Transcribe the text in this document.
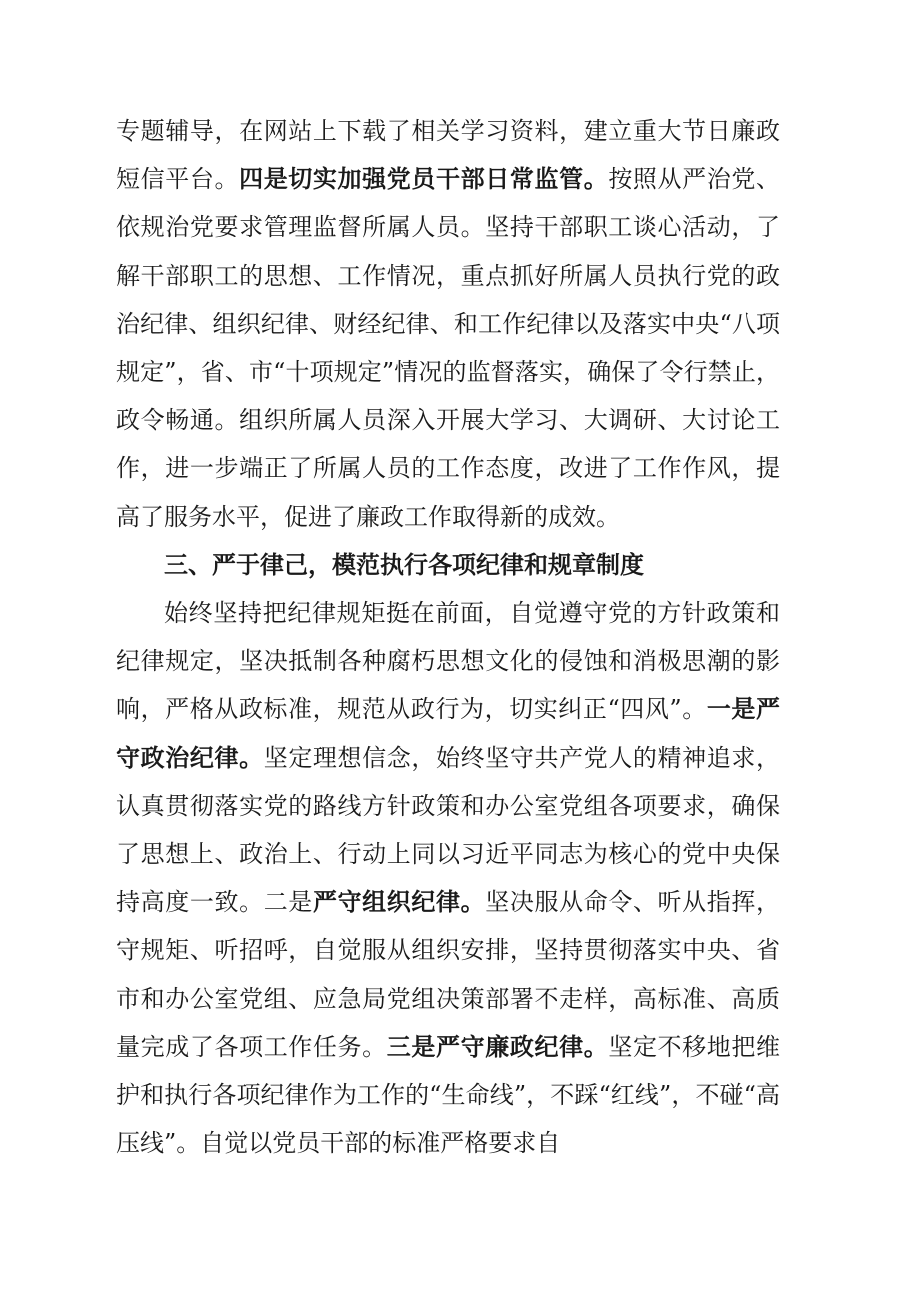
专题辅导，在网站上下载了相关学习资料，建立重大节日廉政短信平台。四是切实加强党员干部日常监管。按照从严治党、依规治党要求管理监督所属人员。坚持干部职工谈心活动，了解干部职工的思想、工作情况，重点抓好所属人员执行党的政治纪律、组织纪律、财经纪律、和工作纪律以及落实中央“八项规定”，省、市“十项规定”情况的监督落实，确保了令行禁止，政令畅通。组织所属人员深入开展大学习、大调研、大讨论工作，进一步端正了所属人员的工作态度，改进了工作作风，提高了服务水平，促进了廉政工作取得新的成效。

三、严于律己，模范执行各项纪律和规章制度

始终坚持把纪律规矩挺在前面，自觉遵守党的方针政策和纪律规定，坚决抵制各种腐朽思想文化的侵蚀和消极思潮的影响，严格从政标准，规范从政行为，切实纠正“四风”。一是严守政治纪律。坚定理想信念，始终坚守共产党人的精神追求，认真贯彻落实党的路线方针政策和办公室党组各项要求，确保了思想上、政治上、行动上同以习近平同志为核心的党中央保持高度一致。二是严守组织纪律。坚决服从命令、听从指挥，守规矩、听招呼，自觉服从组织安排，坚持贯彻落实中央、省市和办公室党组、应急局党组决策部署不走样，高标准、高质量完成了各项工作任务。三是严守廉政纪律。坚定不移地把维护和执行各项纪律作为工作的“生命线”，不踩“红线”，不碰“高压线”。自觉以党员干部的标准严格要求自
